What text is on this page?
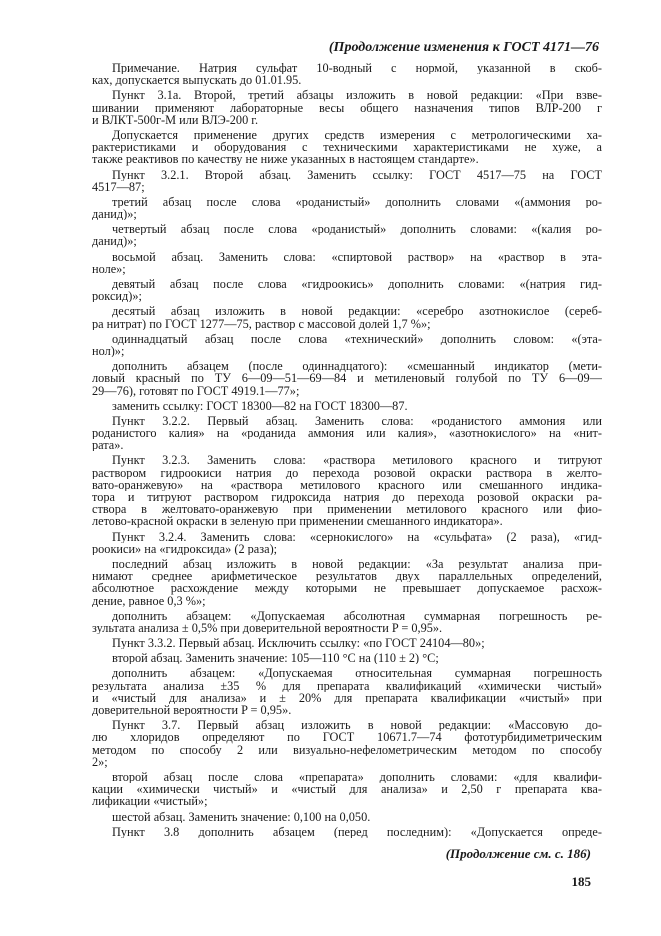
(Продолжение изменения к ГОСТ 4171—76
Примечание. Натрия сульфат 10-водный с нормой, указанной в скоб-
ках, допускается выпускать до 01.01.95.
Пункт 3.1а. Второй, третий абзацы изложить в новой редакции: «При взве-
шивании применяют лабораторные весы общего назначения типов ВЛР-200 г
и ВЛКТ-500г-М или ВЛЭ-200 г.
Допускается применение других средств измерения с метрологическими ха-
рактеристиками и оборудования с техническими характеристиками не хуже, а
также реактивов по качеству не ниже указанных в настоящем стандарте».
Пункт 3.2.1. Второй абзац. Заменить ссылку: ГОСТ 4517—75 на ГОСТ
4517—87;
третий абзац после слова «роданистый» дополнить словами «(аммония ро-
данид)»;
четвертый абзац после слова «роданистый» дополнить словами: «(калия ро-
данид)»;
восьмой абзац. Заменить слова: «спиртовой раствор» на «раствор в эта-
ноле»;
девятый абзац после слова «гидроокись» дополнить словами: «(натрия гид-
роксид)»;
десятый абзац изложить в новой редакции: «серебро азотнокислое (сереб-
ра нитрат) по ГОСТ 1277—75, раствор с массовой долей 1,7 %»;
одиннадцатый абзац после слова «технический» дополнить словом: «(эта-
нол)»;
дополнить абзацем (после одиннадцатого): «смешанный индикатор (мети-
ловый красный по ТУ 6—09—51—69—84 и метиленовый голубой по ТУ 6—09—
29—76), готовят по ГОСТ 4919.1—77»;
заменить ссылку: ГОСТ 18300—82 на ГОСТ 18300—87.
Пункт 3.2.2. Первый абзац. Заменить слова: «роданистого аммония или
роданистого калия» на «роданида аммония или калия», «азотнокислого» на «нит-
рата».
Пункт 3.2.3. Заменить слова: «раствора метилового красного и титруют
раствором гидроокиси натрия до перехода розовой окраски раствора в желто-
вато-оранжевую» на «раствора метилового красного или смешанного индика-
тора и титруют раствором гидроксида натрия до перехода розовой окраски ра-
створа в желтовато-оранжевую при применении метилового красного или фио-
летово-красной окраски в зеленую при применении смешанного индикатора».
Пункт 3.2.4. Заменить слова: «сернокислого» на «сульфата» (2 раза), «гид-
роокиси» на «гидроксида» (2 раза);
последний абзац изложить в новой редакции: «За результат анализа при-
нимают среднее арифметическое результатов двух параллельных определений,
абсолютное расхождение между которыми не превышает допускаемое расхож-
дение, равное 0,3 %»;
дополнить абзацем: «Допускаемая абсолютная суммарная погрешность ре-
зультата анализа ± 0,5% при доверительной вероятности P = 0,95».
Пункт 3.3.2. Первый абзац. Исключить ссылку: «по ГОСТ 24104—80»;
второй абзац. Заменить значение: 105—110 °С на (110 ± 2) °С;
дополнить абзацем: «Допускаемая относительная суммарная погрешность
результата анализа ±35 % для препарата квалификаций «химически чистый»
и «чистый для анализа» и ± 20% для препарата квалификации «чистый» при
доверительной вероятности P = 0,95».
Пункт 3.7. Первый абзац изложить в новой редакции: «Массовую до-
лю хлоридов определяют по ГОСТ 10671.7—74 фототурбидиметрическим
методом по способу 2 или визуально-нефелометрическим методом по способу
2»;
второй абзац после слова «препарата» дополнить словами: «для квалифи-
кации «химически чистый» и «чистый для анализа» и 2,50 г препарата ква-
лификации «чистый»;
шестой абзац. Заменить значение: 0,100 на 0,050.
Пункт 3.8 дополнить абзацем (перед последним): «Допускается опреде-
(Продолжение см. с. 186)
185
